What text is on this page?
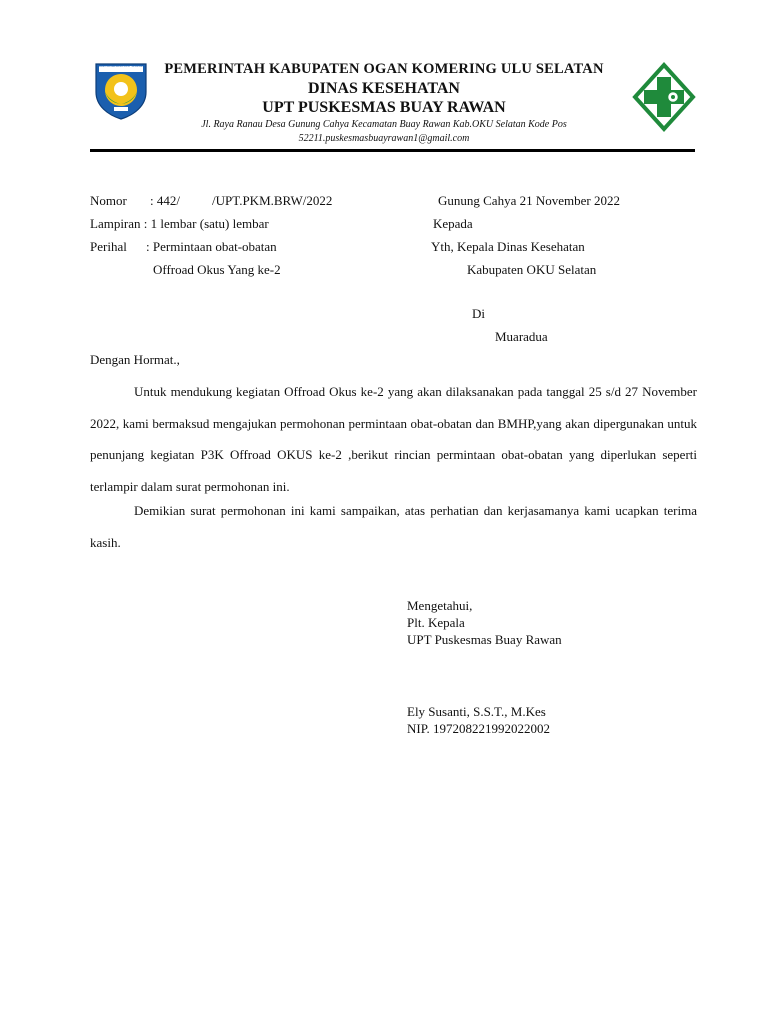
OGAN KOMERING ULU SELATAN	PEMERINTAH KABUPATEN OGAN KOMERING ULU SELATAN
DINAS KESEHATAN
UPT PUSKESMAS BUAY RAWAN
Jl. Raya Ranau Desa Gunung Cahya Kecamatan Buay Rawan Kab.OKU Selatan Kode Pos
52211.puskesmasbuayrawan1@gmail.com
Nomor : 442/ /UPT.PKM.BRW/2022	Gunung Cahya 21 November 2022
Lampiran : 1 lembar (satu) lembar	Kepada
Perihal : Permintaan obat-obatan	Yth, Kepala Dinas Kesehatan
Offroad Okus Yang ke-2	Kabupaten OKU Selatan
Di
Muaradua
Dengan Hormat.,
Untuk mendukung kegiatan Offroad Okus ke-2 yang akan dilaksanakan pada tanggal 25 s/d 27 November 2022, kami bermaksud mengajukan permohonan permintaan obat-obatan dan BMHP,yang akan dipergunakan untuk penunjang kegiatan P3K Offroad OKUS ke-2 ,berikut rincian permintaan obat-obatan yang diperlukan seperti terlampir dalam surat permohonan ini.
Demikian surat permohonan ini kami sampaikan, atas perhatian dan kerjasamanya kami ucapkan terima kasih.
Mengetahui,
Plt. Kepala
UPT Puskesmas Buay Rawan
Ely Susanti, S.S.T., M.Kes
NIP. 197208221992022002
